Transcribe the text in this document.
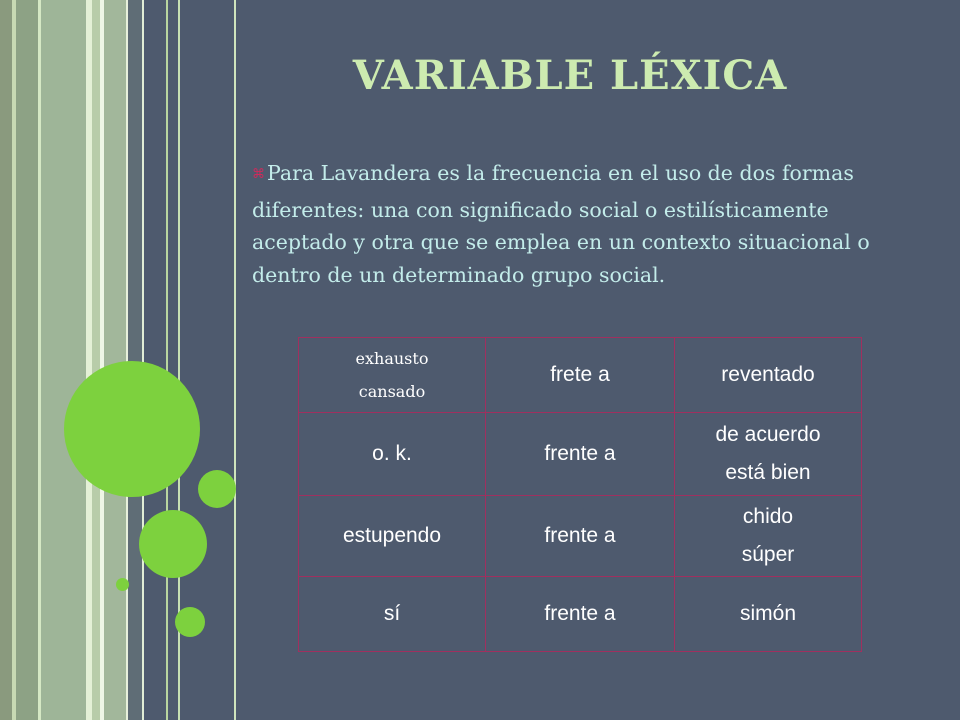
VARIABLE LÉXICA
⌘Para Lavandera es la frecuencia en el uso de dos formas diferentes: una con significado social o estilísticamente aceptado y otra que se emplea en un contexto situacional o dentro de un determinado grupo social.
exhausto
cansado	frete a	reventado
o. k.	frente a	de acuerdo
está bien

estupendo	frente a	chido
súper

sí	frente a	simón
